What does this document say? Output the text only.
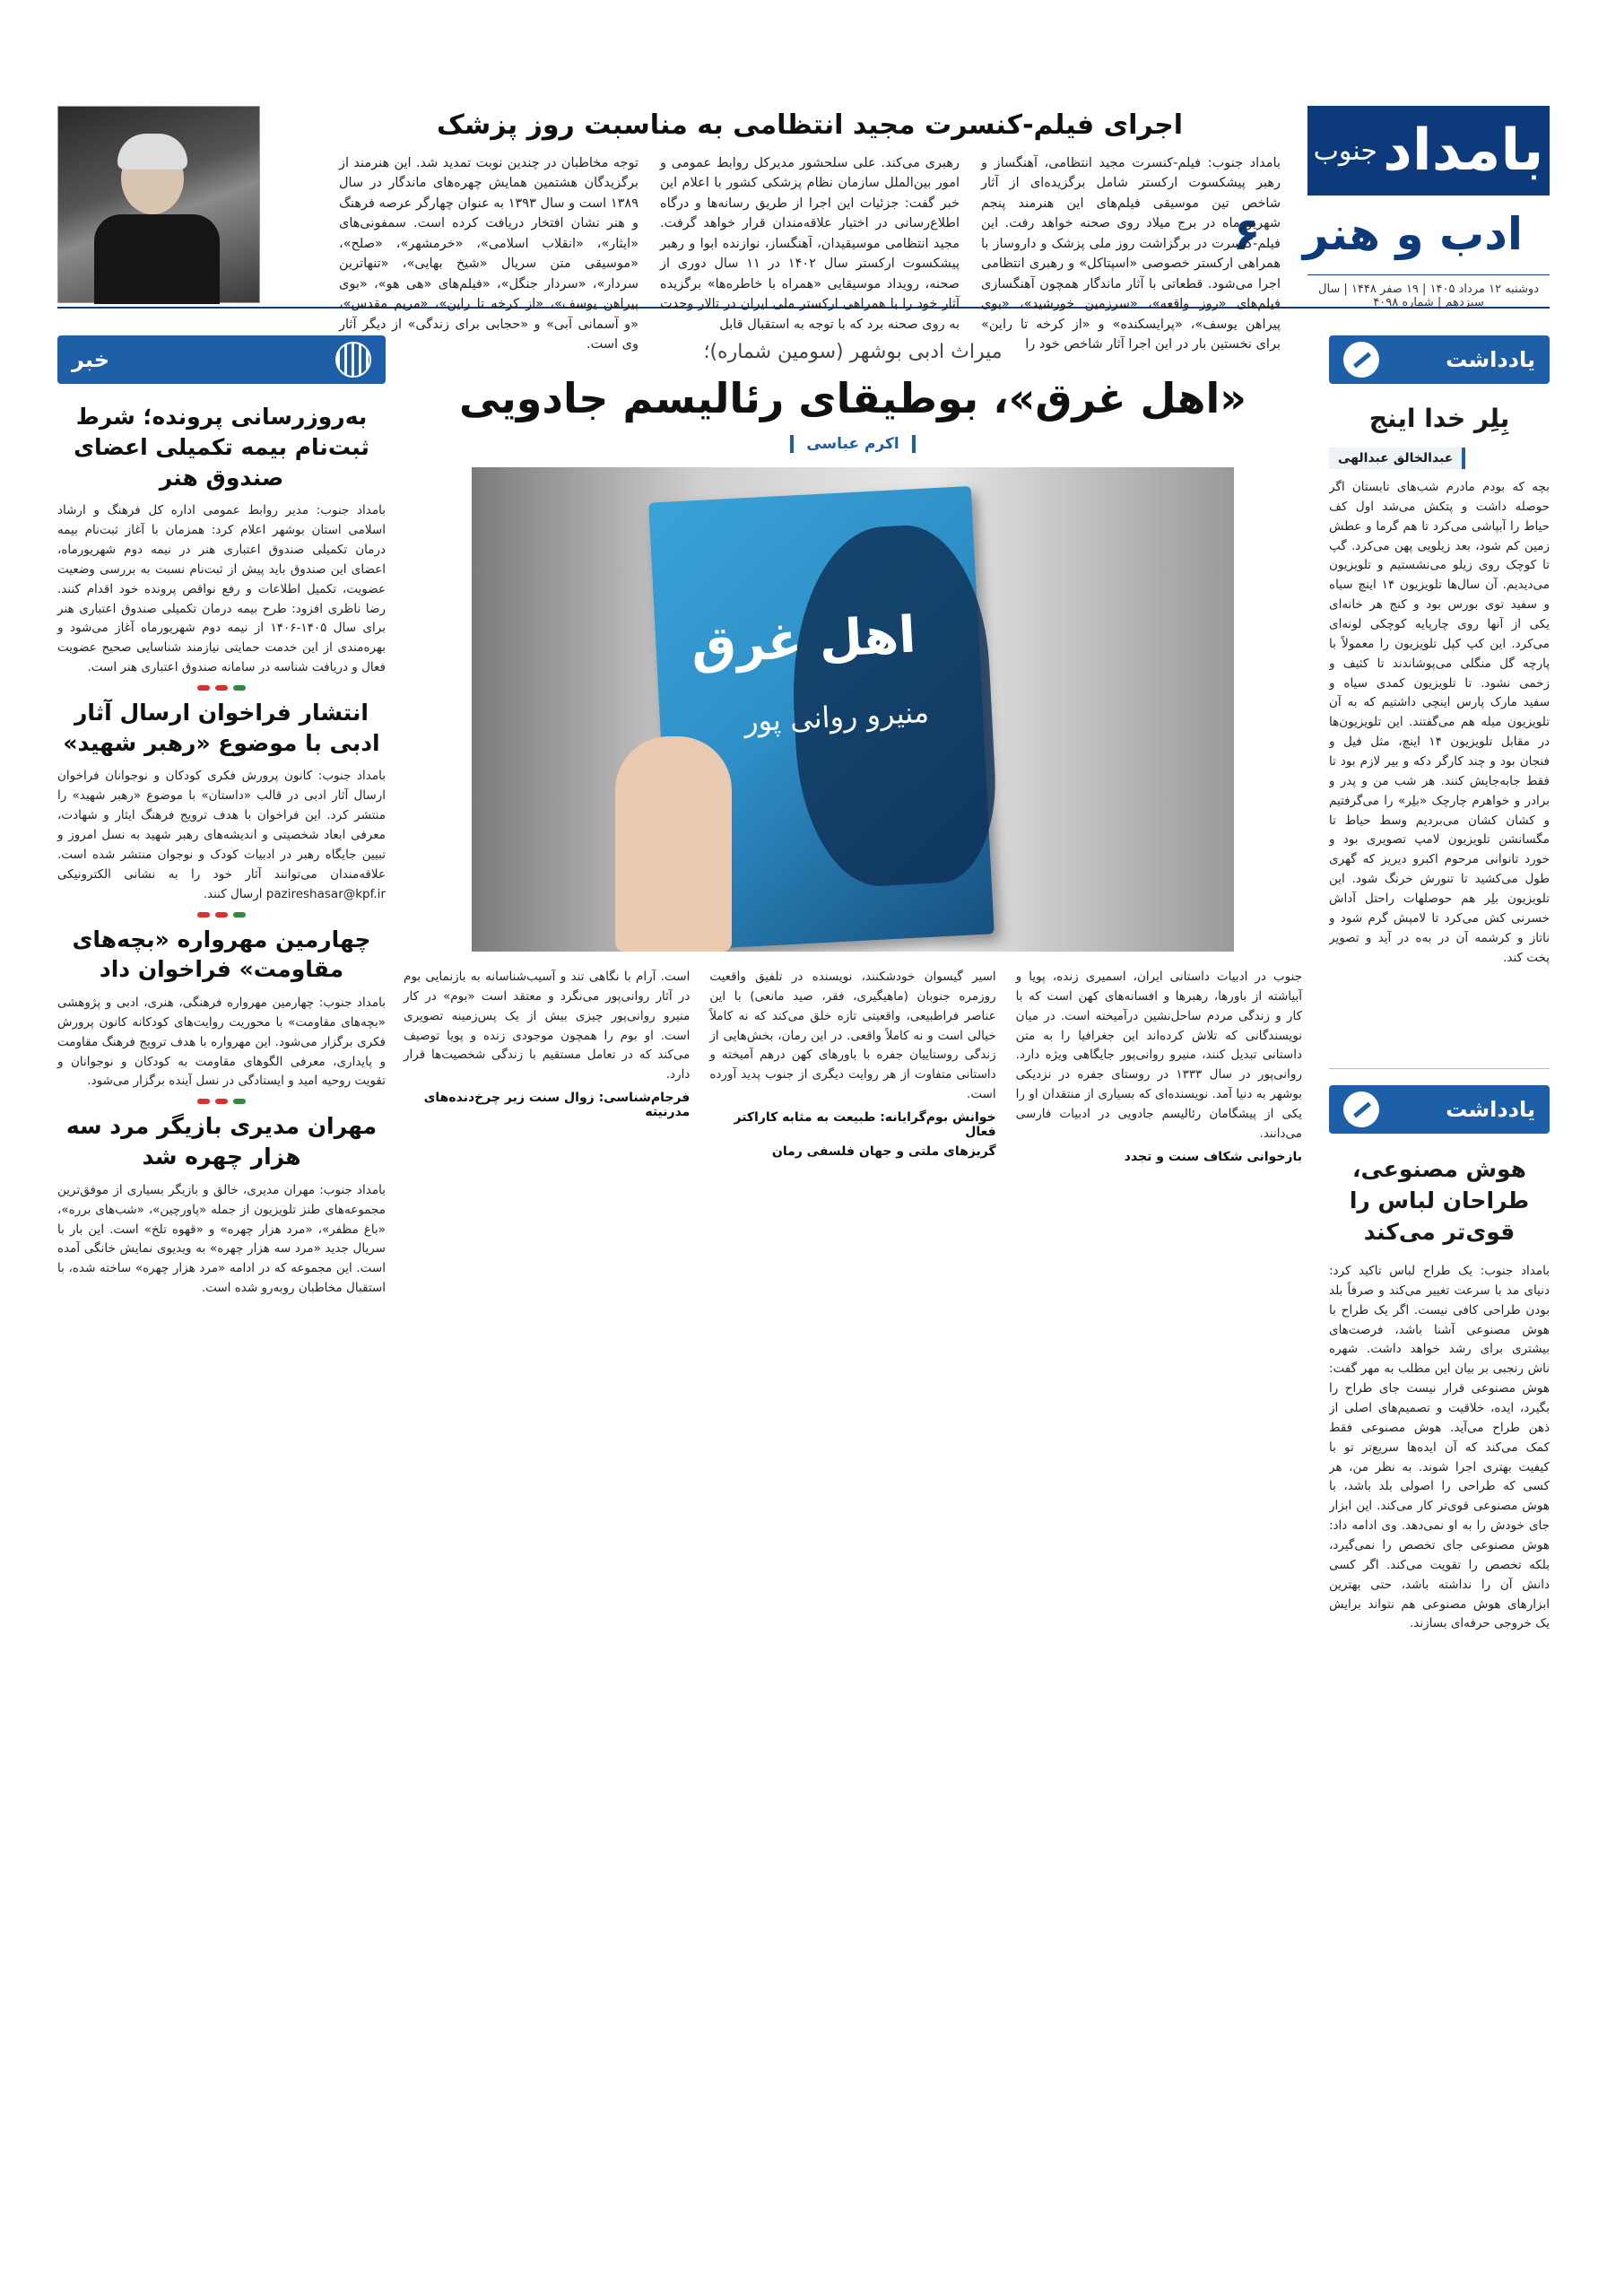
بامداد
جنوب
ادب و هنر ۶
دوشنبه ۱۲ مرداد ۱۴۰۵ | ۱۹ صفر ۱۴۴۸ | سال سیزدهم | شماره ۴۰۹۸
اجرای فیلم-کنسرت مجید انتظامی به مناسبت روز پزشک

بامداد جنوب: فیلم-کنسرت مجید انتظامی، آهنگساز و رهبر پیشکسوت ارکستر شامل برگزیده‌ای از آثار شاخص تین موسیقی فیلم‌های این هنرمند پنجم شهریورماه در برج میلاد روی صحنه خواهد رفت. این فیلم-کنسرت در برگزاشت روز ملی پزشک و داروساز با همراهی ارکستر خصوصی «اسپتاکل» و رهبری انتظامی اجرا می‌شود. قطعاتی با آثار ماندگار همچون آهنگسازی فیلم‌های «روز واقعه»، «سرزمین خورشید»، «بوی پیراهن یوسف»، «پرایسکنده» و «از کرخه تا راین» برای نخستین بار در این اجرا آثار شاخص خود را

رهبری می‌کند. علی سلحشور مدیرکل روابط عمومی و امور بین‌الملل سازمان نظام پزشکی کشور با اعلام این خبر گفت: جزئیات این اجرا از طریق رسانه‌ها و درگاه اطلاع‌رسانی در اختیار علاقه‌مندان قرار خواهد گرفت. مجید انتظامی موسیقیدان، آهنگساز، نوازنده ابوا و رهبر پیشکسوت ارکستر سال ۱۴۰۲ در ۱۱ سال دوری از صحنه، رویداد موسیقایی «همراه با خاطره‌ها» برگزیده آثار خود را با همراهی ارکستر ملی ایران در تالار وحدت به روی صحنه برد که با توجه به استقبال قابل

توجه مخاطبان در چندین نوبت تمدید شد. این هنرمند از برگزیدگان هشتمین همایش چهره‌های ماندگار در سال ۱۳۸۹ است و سال ۱۳۹۳ به عنوان چهارگر عرصه فرهنگ و هنر نشان افتخار دریافت کرده است. سمفونی‌های «ایثار»، «انقلاب اسلامی»، «خرمشهر»، «صلح»، «موسیقی متن سریال «شیخ بهایی»، «تنهاترین سردار»، «سردار جنگل»، «فیلم‌های «هی هو»، «بوی پیراهن یوسف»، «از کرخه تا راین»، «مریم مقدس»، «و آسمانی آبی» و «حجابی برای زندگی» از دیگر آثار وی است.

یادداشت
بِلِر خدا اینج
عبدالخالق عبدالهی

بچه که بودم مادرم شب‌های تابستان اگر حوصله داشت و پتکش می‌شد اول کف حیاط را آبپاشی می‌کرد تا هم گرما و عطش زمین کم شود، بعد زیلویی پهن می‌کرد. گپ تا کوچک روی زیلو می‌نشستیم و تلویزیون می‌دیدیم. آن سال‌ها تلویزیون ۱۴ اینچ سیاه و سفید توی بورس بود و کنج هر خانه‌ای یکی از آنها روی چارپایه کوچکی لونه‌ای می‌کرد. این کپ کپل تلویزیون را معمولاً با پارچه گل منگلی می‌پوشاندند تا کثیف و زخمی نشود. تا تلویزیون کمدی سیاه و سفید مارک پارس اینچی داشتیم که به آن تلویزیون میله هم می‌گفتند. این تلویزیون‌ها در مقابل تلویزیون ۱۴ اینچ، مثل فیل و فنجان بود و چند کارگر دکه و بیر لازم بود تا فقط جابه‌جایش کنند. هر شب من و پدر و برادر و خواهرم چارچک «بلِر» را می‌گرفتیم و کشان کشان می‌بردیم وسط حیاط تا مگسانشن تلویزیون لامپ تصویری بود و خورد تانوانی مرحوم اکبرو دیریز که گهری طول می‌کشید تا تنورش خرنگ شود. این تلویزیون بلِر هم حوصلهات راحتل آداش خسرنی کش می‌کرد تا لامپش گرم شود و ناتاز و کرشمه آن در به‌ه در آید و تصویر پخت کند.

یادداشت
هوش مصنوعی، طراحان لباس را قوی‌تر می‌کند

بامداد جنوب: یک طراح لباس تاکید کرد: دنیای مد با سرعت تغییر می‌کند و صرفاً بلد بودن طراحی کافی نیست. اگر یک طراح با هوش مصنوعی آشنا باشد، فرصت‌های بیشتری برای رشد خواهد داشت. شهره ناش رنجبی بر بیان این مطلب به مهر گفت: هوش مصنوعی قرار نیست جای طراح را بگیرد، ایده، خلاقیت و تصمیم‌های اصلی از ذهن طراح می‌آید. هوش مصنوعی فقط کمک می‌کند که آن ایده‌ها سریع‌تر تو با کیفیت بهتری اجرا شوند. به نظر من، هر کسی که طراحی را اصولی بلد باشد، با هوش مصنوعی قوی‌تر کار می‌کند. این ابزار جای خودش را به او نمی‌دهد. وی ادامه داد: هوش مصنوعی جای تخصص را نمی‌گیرد، بلکه تخصص را تقویت می‌کند. اگر کسی دانش آن را نداشته باشد، حتی بهترین ابزارهای هوش مصنوعی هم نتواند برایش یک خروجی حرفه‌ای بسازند.

میراث ادبی بوشهر (سومین شماره)؛
«اهل غرق»، بوطیقای رئالیسم جادویی
اکرم عباسی
اهل غرق
منیرو روانی پور

جنوب در ادبیات داستانی ایران، اسمیری زنده، پویا و آبیاشته از باورها، رهبرها و افسانه‌های کهن است که با کار و زندگی مردم ساحل‌نشین درآمیخته است. در میان نویسندگانی که تلاش کرده‌اند این جغرافیا را به متن داستانی تبدیل کنند، منیرو روانی‌پور جایگاهی ویژه دارد. روانی‌پور در سال ۱۳۳۳ در روستای جفره در نزدیکی بوشهر به دنیا آمد. نویسنده‌ای که بسیاری از منتقدان او را یکی از پیشگامان رئالیسم جادویی در ادبیات فارسی می‌دانند.

بازخوانی شکاف سنت و تجدد

اسیر گیسوان خودشکنند، نویسنده در تلفیق واقعیت روزمره جنوبان (ماهیگیری، فقر، صید مانعی) با این عناصر فراطبیعی، واقعیتی تازه خلق می‌کند که نه کاملاً خیالی است و نه کاملاً واقعی. در این رمان، بخش‌هایی از زندگی روستاییان جفره با باورهای کهن درهم آمیخته و داستانی متفاوت از هر روایت دیگری از جنوب پدید آورده است.

خوانش بوم‌گرایانه: طبیعت به مثابه کاراکتر فعال
گریزهای ملتی و جهان فلسفی رمان

است. آرام با نگاهی تند و آسیب‌شناسانه به بازنمایی بوم در آثار روانی‌پور می‌نگرد و معتقد است «بوم» در کار منیرو روانی‌پور چیزی بیش از یک پس‌زمینه تصویری است. او بوم را همچون موجودی زنده و پویا توصیف می‌کند که در تعامل مستقیم با زندگی شخصیت‌ها قرار دارد.

فرجام‌شناسی: زوال سنت زیر چرخ‌دنده‌های مدرنیته
خبر
به‌روزرسانی پرونده؛ شرط ثبت‌نام بیمه تکمیلی اعضای صندوق هنر

بامداد جنوب: مدیر روابط عمومی اداره کل فرهنگ و ارشاد اسلامی استان بوشهر اعلام کرد: همزمان با آغاز ثبت‌نام بیمه درمان تکمیلی صندوق اعتباری هنر در نیمه دوم شهریورماه، اعضای این صندوق باید پیش از ثبت‌نام نسبت به بررسی وضعیت عضویت، تکمیل اطلاعات و رفع نواقص پرونده خود اقدام کنند. رضا ناظری افزود: طرح بیمه درمان تکمیلی صندوق اعتباری هنر برای سال ۱۴۰۵-۱۴۰۶ از نیمه دوم شهریورماه آغاز می‌شود و بهره‌مندی از این خدمت حمایتی نیازمند شناسایی صحیح عضویت فعال و دریافت شناسه در سامانه صندوق اعتباری هنر است.

انتشار فراخوان ارسال آثار ادبی با موضوع «رهبر شهید»

بامداد جنوب: کانون پرورش فکری کودکان و نوجوانان فراخوان ارسال آثار ادبی در قالب «داستان» با موضوع «رهبر شهید» را منتشر کرد. این فراخوان با هدف ترویج فرهنگ ایثار و شهادت، معرفی ابعاد شخصیتی و اندیشه‌های رهبر شهید به نسل امروز و تبیین جایگاه رهبر در ادبیات کودک و نوجوان منتشر شده است. علاقه‌مندان می‌توانند آثار خود را به نشانی الکترونیکی pazireshasar@kpf.ir ارسال کنند.

چهارمین مهرواره «بچه‌های مقاومت» فراخوان داد

بامداد جنوب: چهارمین مهرواره فرهنگی، هنری، ادبی و پژوهشی «بچه‌های مقاومت» با محوریت روایت‌های کودکانه کانون پرورش فکری برگزار می‌شود. این مهرواره با هدف ترویج فرهنگ مقاومت و پایداری، معرفی الگوهای مقاومت به کودکان و نوجوانان و تقویت روحیه امید و ایستادگی در نسل آینده برگزار می‌شود.

مهران مدیری بازیگر مرد سه هزار چهره شد

بامداد جنوب: مهران مدیری، خالق و بازیگر بسیاری از موفق‌ترین مجموعه‌های طنز تلویزیون از جمله «پاورچین»، «شب‌های برره»، «باغ مظفر»، «مرد هزار چهره» و «قهوه تلخ» است. این بار با سریال جدید «مرد سه هزار چهره» به ویدیوی نمایش خانگی آمده است. این مجموعه که در ادامه «مرد هزار چهره» ساخته شده، با استقبال مخاطبان روبه‌رو شده است.
